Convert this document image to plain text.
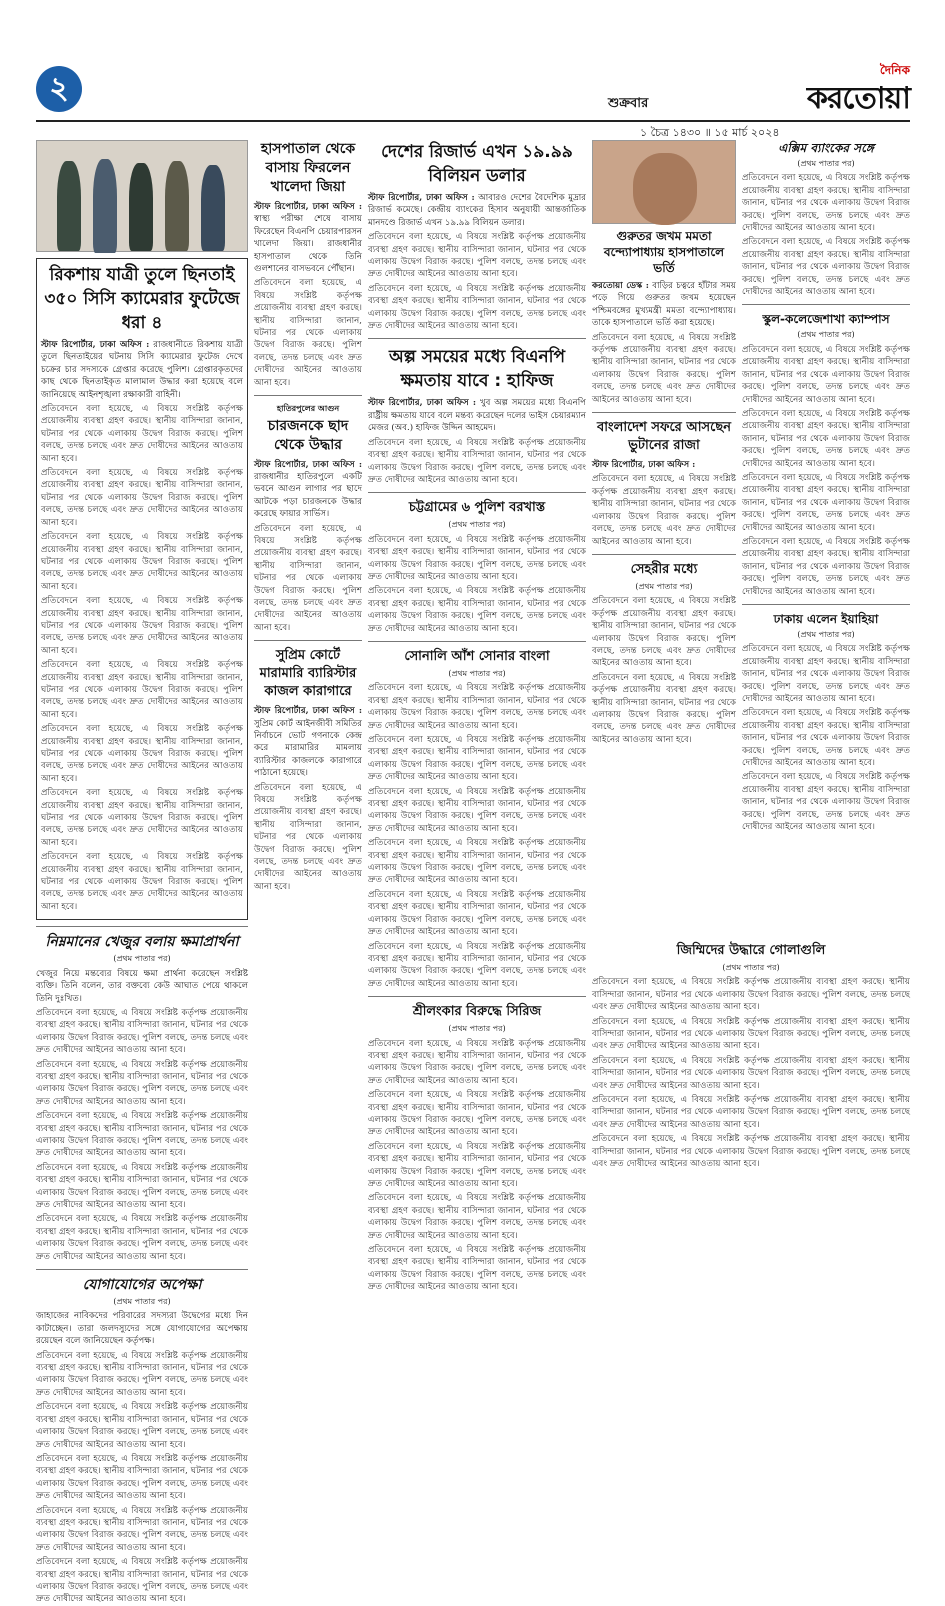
২	শুক্রবার
দৈনিক
করতোয়া
১ চৈত্র ১৪৩০ ॥ ১৫ মার্চ ২০২৪
রিকশায় যাত্রী তুলে ছিনতাই ৩৫০ সিসি ক্যামেরার ফুটেজে ধরা ৪

স্টাফ রিপোর্টার, ঢাকা অফিস : রাজধানীতে রিকশায় যাত্রী তুলে ছিনতাইয়ের ঘটনায় সিসি ক্যামেরার ফুটেজ দেখে চক্রের চার সদস্যকে গ্রেপ্তার করেছে পুলিশ। গ্রেপ্তারকৃতদের কাছ থেকে ছিনতাইকৃত মালামাল উদ্ধার করা হয়েছে বলে জানিয়েছে আইনশৃঙ্খলা রক্ষাকারী বাহিনী।

প্রতিবেদনে বলা হয়েছে, এ বিষয়ে সংশ্লিষ্ট কর্তৃপক্ষ প্রয়োজনীয় ব্যবস্থা গ্রহণ করছে। স্থানীয় বাসিন্দারা জানান, ঘটনার পর থেকে এলাকায় উদ্বেগ বিরাজ করছে। পুলিশ বলছে, তদন্ত চলছে এবং দ্রুত দোষীদের আইনের আওতায় আনা হবে।

প্রতিবেদনে বলা হয়েছে, এ বিষয়ে সংশ্লিষ্ট কর্তৃপক্ষ প্রয়োজনীয় ব্যবস্থা গ্রহণ করছে। স্থানীয় বাসিন্দারা জানান, ঘটনার পর থেকে এলাকায় উদ্বেগ বিরাজ করছে। পুলিশ বলছে, তদন্ত চলছে এবং দ্রুত দোষীদের আইনের আওতায় আনা হবে।

প্রতিবেদনে বলা হয়েছে, এ বিষয়ে সংশ্লিষ্ট কর্তৃপক্ষ প্রয়োজনীয় ব্যবস্থা গ্রহণ করছে। স্থানীয় বাসিন্দারা জানান, ঘটনার পর থেকে এলাকায় উদ্বেগ বিরাজ করছে। পুলিশ বলছে, তদন্ত চলছে এবং দ্রুত দোষীদের আইনের আওতায় আনা হবে।

প্রতিবেদনে বলা হয়েছে, এ বিষয়ে সংশ্লিষ্ট কর্তৃপক্ষ প্রয়োজনীয় ব্যবস্থা গ্রহণ করছে। স্থানীয় বাসিন্দারা জানান, ঘটনার পর থেকে এলাকায় উদ্বেগ বিরাজ করছে। পুলিশ বলছে, তদন্ত চলছে এবং দ্রুত দোষীদের আইনের আওতায় আনা হবে।

প্রতিবেদনে বলা হয়েছে, এ বিষয়ে সংশ্লিষ্ট কর্তৃপক্ষ প্রয়োজনীয় ব্যবস্থা গ্রহণ করছে। স্থানীয় বাসিন্দারা জানান, ঘটনার পর থেকে এলাকায় উদ্বেগ বিরাজ করছে। পুলিশ বলছে, তদন্ত চলছে এবং দ্রুত দোষীদের আইনের আওতায় আনা হবে।

প্রতিবেদনে বলা হয়েছে, এ বিষয়ে সংশ্লিষ্ট কর্তৃপক্ষ প্রয়োজনীয় ব্যবস্থা গ্রহণ করছে। স্থানীয় বাসিন্দারা জানান, ঘটনার পর থেকে এলাকায় উদ্বেগ বিরাজ করছে। পুলিশ বলছে, তদন্ত চলছে এবং দ্রুত দোষীদের আইনের আওতায় আনা হবে।

প্রতিবেদনে বলা হয়েছে, এ বিষয়ে সংশ্লিষ্ট কর্তৃপক্ষ প্রয়োজনীয় ব্যবস্থা গ্রহণ করছে। স্থানীয় বাসিন্দারা জানান, ঘটনার পর থেকে এলাকায় উদ্বেগ বিরাজ করছে। পুলিশ বলছে, তদন্ত চলছে এবং দ্রুত দোষীদের আইনের আওতায় আনা হবে।

প্রতিবেদনে বলা হয়েছে, এ বিষয়ে সংশ্লিষ্ট কর্তৃপক্ষ প্রয়োজনীয় ব্যবস্থা গ্রহণ করছে। স্থানীয় বাসিন্দারা জানান, ঘটনার পর থেকে এলাকায় উদ্বেগ বিরাজ করছে। পুলিশ বলছে, তদন্ত চলছে এবং দ্রুত দোষীদের আইনের আওতায় আনা হবে।

নিম্নমানের খেজুর বলায় ক্ষমাপ্রার্থনা
(প্রথম পাতার পর)

খেজুর নিয়ে মন্তব্যের বিষয়ে ক্ষমা প্রার্থনা করেছেন সংশ্লিষ্ট ব্যক্তি। তিনি বলেন, তার বক্তব্যে কেউ আঘাত পেয়ে থাকলে তিনি দুঃখিত।

প্রতিবেদনে বলা হয়েছে, এ বিষয়ে সংশ্লিষ্ট কর্তৃপক্ষ প্রয়োজনীয় ব্যবস্থা গ্রহণ করছে। স্থানীয় বাসিন্দারা জানান, ঘটনার পর থেকে এলাকায় উদ্বেগ বিরাজ করছে। পুলিশ বলছে, তদন্ত চলছে এবং দ্রুত দোষীদের আইনের আওতায় আনা হবে।

প্রতিবেদনে বলা হয়েছে, এ বিষয়ে সংশ্লিষ্ট কর্তৃপক্ষ প্রয়োজনীয় ব্যবস্থা গ্রহণ করছে। স্থানীয় বাসিন্দারা জানান, ঘটনার পর থেকে এলাকায় উদ্বেগ বিরাজ করছে। পুলিশ বলছে, তদন্ত চলছে এবং দ্রুত দোষীদের আইনের আওতায় আনা হবে।

প্রতিবেদনে বলা হয়েছে, এ বিষয়ে সংশ্লিষ্ট কর্তৃপক্ষ প্রয়োজনীয় ব্যবস্থা গ্রহণ করছে। স্থানীয় বাসিন্দারা জানান, ঘটনার পর থেকে এলাকায় উদ্বেগ বিরাজ করছে। পুলিশ বলছে, তদন্ত চলছে এবং দ্রুত দোষীদের আইনের আওতায় আনা হবে।

প্রতিবেদনে বলা হয়েছে, এ বিষয়ে সংশ্লিষ্ট কর্তৃপক্ষ প্রয়োজনীয় ব্যবস্থা গ্রহণ করছে। স্থানীয় বাসিন্দারা জানান, ঘটনার পর থেকে এলাকায় উদ্বেগ বিরাজ করছে। পুলিশ বলছে, তদন্ত চলছে এবং দ্রুত দোষীদের আইনের আওতায় আনা হবে।

প্রতিবেদনে বলা হয়েছে, এ বিষয়ে সংশ্লিষ্ট কর্তৃপক্ষ প্রয়োজনীয় ব্যবস্থা গ্রহণ করছে। স্থানীয় বাসিন্দারা জানান, ঘটনার পর থেকে এলাকায় উদ্বেগ বিরাজ করছে। পুলিশ বলছে, তদন্ত চলছে এবং দ্রুত দোষীদের আইনের আওতায় আনা হবে।

যোগাযোগের অপেক্ষা
(প্রথম পাতার পর)

জাহাজের নাবিকদের পরিবারের সদস্যরা উদ্বেগের মধ্যে দিন কাটাচ্ছেন। তারা জলদস্যুদের সঙ্গে যোগাযোগের অপেক্ষায় রয়েছেন বলে জানিয়েছেন কর্তৃপক্ষ।

প্রতিবেদনে বলা হয়েছে, এ বিষয়ে সংশ্লিষ্ট কর্তৃপক্ষ প্রয়োজনীয় ব্যবস্থা গ্রহণ করছে। স্থানীয় বাসিন্দারা জানান, ঘটনার পর থেকে এলাকায় উদ্বেগ বিরাজ করছে। পুলিশ বলছে, তদন্ত চলছে এবং দ্রুত দোষীদের আইনের আওতায় আনা হবে।

প্রতিবেদনে বলা হয়েছে, এ বিষয়ে সংশ্লিষ্ট কর্তৃপক্ষ প্রয়োজনীয় ব্যবস্থা গ্রহণ করছে। স্থানীয় বাসিন্দারা জানান, ঘটনার পর থেকে এলাকায় উদ্বেগ বিরাজ করছে। পুলিশ বলছে, তদন্ত চলছে এবং দ্রুত দোষীদের আইনের আওতায় আনা হবে।

প্রতিবেদনে বলা হয়েছে, এ বিষয়ে সংশ্লিষ্ট কর্তৃপক্ষ প্রয়োজনীয় ব্যবস্থা গ্রহণ করছে। স্থানীয় বাসিন্দারা জানান, ঘটনার পর থেকে এলাকায় উদ্বেগ বিরাজ করছে। পুলিশ বলছে, তদন্ত চলছে এবং দ্রুত দোষীদের আইনের আওতায় আনা হবে।

প্রতিবেদনে বলা হয়েছে, এ বিষয়ে সংশ্লিষ্ট কর্তৃপক্ষ প্রয়োজনীয় ব্যবস্থা গ্রহণ করছে। স্থানীয় বাসিন্দারা জানান, ঘটনার পর থেকে এলাকায় উদ্বেগ বিরাজ করছে। পুলিশ বলছে, তদন্ত চলছে এবং দ্রুত দোষীদের আইনের আওতায় আনা হবে।

প্রতিবেদনে বলা হয়েছে, এ বিষয়ে সংশ্লিষ্ট কর্তৃপক্ষ প্রয়োজনীয় ব্যবস্থা গ্রহণ করছে। স্থানীয় বাসিন্দারা জানান, ঘটনার পর থেকে এলাকায় উদ্বেগ বিরাজ করছে। পুলিশ বলছে, তদন্ত চলছে এবং দ্রুত দোষীদের আইনের আওতায় আনা হবে।

হাসপাতাল থেকে বাসায় ফিরলেন খালেদা জিয়া

স্টাফ রিপোর্টার, ঢাকা অফিস : স্বাস্থ্য পরীক্ষা শেষে বাসায় ফিরেছেন বিএনপি চেয়ারপারসন খালেদা জিয়া। রাজধানীর হাসপাতাল থেকে তিনি গুলশানের বাসভবনে পৌঁছান।

প্রতিবেদনে বলা হয়েছে, এ বিষয়ে সংশ্লিষ্ট কর্তৃপক্ষ প্রয়োজনীয় ব্যবস্থা গ্রহণ করছে। স্থানীয় বাসিন্দারা জানান, ঘটনার পর থেকে এলাকায় উদ্বেগ বিরাজ করছে। পুলিশ বলছে, তদন্ত চলছে এবং দ্রুত দোষীদের আইনের আওতায় আনা হবে।

হাতিরপুলের আগুন
চারজনকে ছাদ থেকে উদ্ধার

স্টাফ রিপোর্টার, ঢাকা অফিস : রাজধানীর হাতিরপুলে একটি ভবনে আগুন লাগার পর ছাদে আটকে পড়া চারজনকে উদ্ধার করেছে ফায়ার সার্ভিস।

প্রতিবেদনে বলা হয়েছে, এ বিষয়ে সংশ্লিষ্ট কর্তৃপক্ষ প্রয়োজনীয় ব্যবস্থা গ্রহণ করছে। স্থানীয় বাসিন্দারা জানান, ঘটনার পর থেকে এলাকায় উদ্বেগ বিরাজ করছে। পুলিশ বলছে, তদন্ত চলছে এবং দ্রুত দোষীদের আইনের আওতায় আনা হবে।

সুপ্রিম কোর্টে মারামারি ব্যারিস্টার কাজল কারাগারে

স্টাফ রিপোর্টার, ঢাকা অফিস : সুপ্রিম কোর্ট আইনজীবী সমিতির নির্বাচনে ভোট গণনাকে কেন্দ্র করে মারামারির মামলায় ব্যারিস্টার কাজলকে কারাগারে পাঠানো হয়েছে।

প্রতিবেদনে বলা হয়েছে, এ বিষয়ে সংশ্লিষ্ট কর্তৃপক্ষ প্রয়োজনীয় ব্যবস্থা গ্রহণ করছে। স্থানীয় বাসিন্দারা জানান, ঘটনার পর থেকে এলাকায় উদ্বেগ বিরাজ করছে। পুলিশ বলছে, তদন্ত চলছে এবং দ্রুত দোষীদের আইনের আওতায় আনা হবে।

দেশের রিজার্ভ এখন ১৯.৯৯ বিলিয়ন ডলার

স্টাফ রিপোর্টার, ঢাকা অফিস : আবারও দেশের বৈদেশিক মুদ্রার রিজার্ভ কমেছে। কেন্দ্রীয় ব্যাংকের হিসাব অনুযায়ী আন্তর্জাতিক মানদণ্ডে রিজার্ভ এখন ১৯.৯৯ বিলিয়ন ডলার।

প্রতিবেদনে বলা হয়েছে, এ বিষয়ে সংশ্লিষ্ট কর্তৃপক্ষ প্রয়োজনীয় ব্যবস্থা গ্রহণ করছে। স্থানীয় বাসিন্দারা জানান, ঘটনার পর থেকে এলাকায় উদ্বেগ বিরাজ করছে। পুলিশ বলছে, তদন্ত চলছে এবং দ্রুত দোষীদের আইনের আওতায় আনা হবে।

প্রতিবেদনে বলা হয়েছে, এ বিষয়ে সংশ্লিষ্ট কর্তৃপক্ষ প্রয়োজনীয় ব্যবস্থা গ্রহণ করছে। স্থানীয় বাসিন্দারা জানান, ঘটনার পর থেকে এলাকায় উদ্বেগ বিরাজ করছে। পুলিশ বলছে, তদন্ত চলছে এবং দ্রুত দোষীদের আইনের আওতায় আনা হবে।

অল্প সময়ের মধ্যে বিএনপি ক্ষমতায় যাবে : হাফিজ

স্টাফ রিপোর্টার, ঢাকা অফিস : খুব অল্প সময়ের মধ্যে বিএনপি রাষ্ট্রীয় ক্ষমতায় যাবে বলে মন্তব্য করেছেন দলের ভাইস চেয়ারম্যান মেজর (অব.) হাফিজ উদ্দিন আহমেদ।

প্রতিবেদনে বলা হয়েছে, এ বিষয়ে সংশ্লিষ্ট কর্তৃপক্ষ প্রয়োজনীয় ব্যবস্থা গ্রহণ করছে। স্থানীয় বাসিন্দারা জানান, ঘটনার পর থেকে এলাকায় উদ্বেগ বিরাজ করছে। পুলিশ বলছে, তদন্ত চলছে এবং দ্রুত দোষীদের আইনের আওতায় আনা হবে।

চট্টগ্রামের ৬ পুলিশ বরখাস্ত
(প্রথম পাতার পর)

প্রতিবেদনে বলা হয়েছে, এ বিষয়ে সংশ্লিষ্ট কর্তৃপক্ষ প্রয়োজনীয় ব্যবস্থা গ্রহণ করছে। স্থানীয় বাসিন্দারা জানান, ঘটনার পর থেকে এলাকায় উদ্বেগ বিরাজ করছে। পুলিশ বলছে, তদন্ত চলছে এবং দ্রুত দোষীদের আইনের আওতায় আনা হবে।

প্রতিবেদনে বলা হয়েছে, এ বিষয়ে সংশ্লিষ্ট কর্তৃপক্ষ প্রয়োজনীয় ব্যবস্থা গ্রহণ করছে। স্থানীয় বাসিন্দারা জানান, ঘটনার পর থেকে এলাকায় উদ্বেগ বিরাজ করছে। পুলিশ বলছে, তদন্ত চলছে এবং দ্রুত দোষীদের আইনের আওতায় আনা হবে।

সোনালি আঁশ সোনার বাংলা
(প্রথম পাতার পর)

প্রতিবেদনে বলা হয়েছে, এ বিষয়ে সংশ্লিষ্ট কর্তৃপক্ষ প্রয়োজনীয় ব্যবস্থা গ্রহণ করছে। স্থানীয় বাসিন্দারা জানান, ঘটনার পর থেকে এলাকায় উদ্বেগ বিরাজ করছে। পুলিশ বলছে, তদন্ত চলছে এবং দ্রুত দোষীদের আইনের আওতায় আনা হবে।

প্রতিবেদনে বলা হয়েছে, এ বিষয়ে সংশ্লিষ্ট কর্তৃপক্ষ প্রয়োজনীয় ব্যবস্থা গ্রহণ করছে। স্থানীয় বাসিন্দারা জানান, ঘটনার পর থেকে এলাকায় উদ্বেগ বিরাজ করছে। পুলিশ বলছে, তদন্ত চলছে এবং দ্রুত দোষীদের আইনের আওতায় আনা হবে।

প্রতিবেদনে বলা হয়েছে, এ বিষয়ে সংশ্লিষ্ট কর্তৃপক্ষ প্রয়োজনীয় ব্যবস্থা গ্রহণ করছে। স্থানীয় বাসিন্দারা জানান, ঘটনার পর থেকে এলাকায় উদ্বেগ বিরাজ করছে। পুলিশ বলছে, তদন্ত চলছে এবং দ্রুত দোষীদের আইনের আওতায় আনা হবে।

প্রতিবেদনে বলা হয়েছে, এ বিষয়ে সংশ্লিষ্ট কর্তৃপক্ষ প্রয়োজনীয় ব্যবস্থা গ্রহণ করছে। স্থানীয় বাসিন্দারা জানান, ঘটনার পর থেকে এলাকায় উদ্বেগ বিরাজ করছে। পুলিশ বলছে, তদন্ত চলছে এবং দ্রুত দোষীদের আইনের আওতায় আনা হবে।

প্রতিবেদনে বলা হয়েছে, এ বিষয়ে সংশ্লিষ্ট কর্তৃপক্ষ প্রয়োজনীয় ব্যবস্থা গ্রহণ করছে। স্থানীয় বাসিন্দারা জানান, ঘটনার পর থেকে এলাকায় উদ্বেগ বিরাজ করছে। পুলিশ বলছে, তদন্ত চলছে এবং দ্রুত দোষীদের আইনের আওতায় আনা হবে।

প্রতিবেদনে বলা হয়েছে, এ বিষয়ে সংশ্লিষ্ট কর্তৃপক্ষ প্রয়োজনীয় ব্যবস্থা গ্রহণ করছে। স্থানীয় বাসিন্দারা জানান, ঘটনার পর থেকে এলাকায় উদ্বেগ বিরাজ করছে। পুলিশ বলছে, তদন্ত চলছে এবং দ্রুত দোষীদের আইনের আওতায় আনা হবে।

শ্রীলংকার বিরুদ্ধে সিরিজ
(প্রথম পাতার পর)

প্রতিবেদনে বলা হয়েছে, এ বিষয়ে সংশ্লিষ্ট কর্তৃপক্ষ প্রয়োজনীয় ব্যবস্থা গ্রহণ করছে। স্থানীয় বাসিন্দারা জানান, ঘটনার পর থেকে এলাকায় উদ্বেগ বিরাজ করছে। পুলিশ বলছে, তদন্ত চলছে এবং দ্রুত দোষীদের আইনের আওতায় আনা হবে।

প্রতিবেদনে বলা হয়েছে, এ বিষয়ে সংশ্লিষ্ট কর্তৃপক্ষ প্রয়োজনীয় ব্যবস্থা গ্রহণ করছে। স্থানীয় বাসিন্দারা জানান, ঘটনার পর থেকে এলাকায় উদ্বেগ বিরাজ করছে। পুলিশ বলছে, তদন্ত চলছে এবং দ্রুত দোষীদের আইনের আওতায় আনা হবে।

প্রতিবেদনে বলা হয়েছে, এ বিষয়ে সংশ্লিষ্ট কর্তৃপক্ষ প্রয়োজনীয় ব্যবস্থা গ্রহণ করছে। স্থানীয় বাসিন্দারা জানান, ঘটনার পর থেকে এলাকায় উদ্বেগ বিরাজ করছে। পুলিশ বলছে, তদন্ত চলছে এবং দ্রুত দোষীদের আইনের আওতায় আনা হবে।

প্রতিবেদনে বলা হয়েছে, এ বিষয়ে সংশ্লিষ্ট কর্তৃপক্ষ প্রয়োজনীয় ব্যবস্থা গ্রহণ করছে। স্থানীয় বাসিন্দারা জানান, ঘটনার পর থেকে এলাকায় উদ্বেগ বিরাজ করছে। পুলিশ বলছে, তদন্ত চলছে এবং দ্রুত দোষীদের আইনের আওতায় আনা হবে।

প্রতিবেদনে বলা হয়েছে, এ বিষয়ে সংশ্লিষ্ট কর্তৃপক্ষ প্রয়োজনীয় ব্যবস্থা গ্রহণ করছে। স্থানীয় বাসিন্দারা জানান, ঘটনার পর থেকে এলাকায় উদ্বেগ বিরাজ করছে। পুলিশ বলছে, তদন্ত চলছে এবং দ্রুত দোষীদের আইনের আওতায় আনা হবে।

গুরুতর জখম মমতা বন্দ্যোপাধ্যায় হাসপাতালে ভর্তি

করতোয়া ডেস্ক : বাড়ির চত্বরে হাঁটার সময় পড়ে গিয়ে গুরুতর জখম হয়েছেন পশ্চিমবঙ্গের মুখ্যমন্ত্রী মমতা বন্দ্যোপাধ্যায়। তাকে হাসপাতালে ভর্তি করা হয়েছে।

প্রতিবেদনে বলা হয়েছে, এ বিষয়ে সংশ্লিষ্ট কর্তৃপক্ষ প্রয়োজনীয় ব্যবস্থা গ্রহণ করছে। স্থানীয় বাসিন্দারা জানান, ঘটনার পর থেকে এলাকায় উদ্বেগ বিরাজ করছে। পুলিশ বলছে, তদন্ত চলছে এবং দ্রুত দোষীদের আইনের আওতায় আনা হবে।

বাংলাদেশ সফরে আসছেন ভুটানের রাজা

স্টাফ রিপোর্টার, ঢাকা অফিস :

প্রতিবেদনে বলা হয়েছে, এ বিষয়ে সংশ্লিষ্ট কর্তৃপক্ষ প্রয়োজনীয় ব্যবস্থা গ্রহণ করছে। স্থানীয় বাসিন্দারা জানান, ঘটনার পর থেকে এলাকায় উদ্বেগ বিরাজ করছে। পুলিশ বলছে, তদন্ত চলছে এবং দ্রুত দোষীদের আইনের আওতায় আনা হবে।

সেহরীর মধ্যে
(প্রথম পাতার পর)

প্রতিবেদনে বলা হয়েছে, এ বিষয়ে সংশ্লিষ্ট কর্তৃপক্ষ প্রয়োজনীয় ব্যবস্থা গ্রহণ করছে। স্থানীয় বাসিন্দারা জানান, ঘটনার পর থেকে এলাকায় উদ্বেগ বিরাজ করছে। পুলিশ বলছে, তদন্ত চলছে এবং দ্রুত দোষীদের আইনের আওতায় আনা হবে।

প্রতিবেদনে বলা হয়েছে, এ বিষয়ে সংশ্লিষ্ট কর্তৃপক্ষ প্রয়োজনীয় ব্যবস্থা গ্রহণ করছে। স্থানীয় বাসিন্দারা জানান, ঘটনার পর থেকে এলাকায় উদ্বেগ বিরাজ করছে। পুলিশ বলছে, তদন্ত চলছে এবং দ্রুত দোষীদের আইনের আওতায় আনা হবে।

জিম্মিদের উদ্ধারে গোলাগুলি
(প্রথম পাতার পর)

প্রতিবেদনে বলা হয়েছে, এ বিষয়ে সংশ্লিষ্ট কর্তৃপক্ষ প্রয়োজনীয় ব্যবস্থা গ্রহণ করছে। স্থানীয় বাসিন্দারা জানান, ঘটনার পর থেকে এলাকায় উদ্বেগ বিরাজ করছে। পুলিশ বলছে, তদন্ত চলছে এবং দ্রুত দোষীদের আইনের আওতায় আনা হবে।

প্রতিবেদনে বলা হয়েছে, এ বিষয়ে সংশ্লিষ্ট কর্তৃপক্ষ প্রয়োজনীয় ব্যবস্থা গ্রহণ করছে। স্থানীয় বাসিন্দারা জানান, ঘটনার পর থেকে এলাকায় উদ্বেগ বিরাজ করছে। পুলিশ বলছে, তদন্ত চলছে এবং দ্রুত দোষীদের আইনের আওতায় আনা হবে।

প্রতিবেদনে বলা হয়েছে, এ বিষয়ে সংশ্লিষ্ট কর্তৃপক্ষ প্রয়োজনীয় ব্যবস্থা গ্রহণ করছে। স্থানীয় বাসিন্দারা জানান, ঘটনার পর থেকে এলাকায় উদ্বেগ বিরাজ করছে। পুলিশ বলছে, তদন্ত চলছে এবং দ্রুত দোষীদের আইনের আওতায় আনা হবে।

প্রতিবেদনে বলা হয়েছে, এ বিষয়ে সংশ্লিষ্ট কর্তৃপক্ষ প্রয়োজনীয় ব্যবস্থা গ্রহণ করছে। স্থানীয় বাসিন্দারা জানান, ঘটনার পর থেকে এলাকায় উদ্বেগ বিরাজ করছে। পুলিশ বলছে, তদন্ত চলছে এবং দ্রুত দোষীদের আইনের আওতায় আনা হবে।

প্রতিবেদনে বলা হয়েছে, এ বিষয়ে সংশ্লিষ্ট কর্তৃপক্ষ প্রয়োজনীয় ব্যবস্থা গ্রহণ করছে। স্থানীয় বাসিন্দারা জানান, ঘটনার পর থেকে এলাকায় উদ্বেগ বিরাজ করছে। পুলিশ বলছে, তদন্ত চলছে এবং দ্রুত দোষীদের আইনের আওতায় আনা হবে।

এক্সিম ব্যাংকের সঙ্গে
(প্রথম পাতার পর)

প্রতিবেদনে বলা হয়েছে, এ বিষয়ে সংশ্লিষ্ট কর্তৃপক্ষ প্রয়োজনীয় ব্যবস্থা গ্রহণ করছে। স্থানীয় বাসিন্দারা জানান, ঘটনার পর থেকে এলাকায় উদ্বেগ বিরাজ করছে। পুলিশ বলছে, তদন্ত চলছে এবং দ্রুত দোষীদের আইনের আওতায় আনা হবে।

প্রতিবেদনে বলা হয়েছে, এ বিষয়ে সংশ্লিষ্ট কর্তৃপক্ষ প্রয়োজনীয় ব্যবস্থা গ্রহণ করছে। স্থানীয় বাসিন্দারা জানান, ঘটনার পর থেকে এলাকায় উদ্বেগ বিরাজ করছে। পুলিশ বলছে, তদন্ত চলছে এবং দ্রুত দোষীদের আইনের আওতায় আনা হবে।

স্কুল-কলেজেশাখা ক্যাম্পাস
(প্রথম পাতার পর)

প্রতিবেদনে বলা হয়েছে, এ বিষয়ে সংশ্লিষ্ট কর্তৃপক্ষ প্রয়োজনীয় ব্যবস্থা গ্রহণ করছে। স্থানীয় বাসিন্দারা জানান, ঘটনার পর থেকে এলাকায় উদ্বেগ বিরাজ করছে। পুলিশ বলছে, তদন্ত চলছে এবং দ্রুত দোষীদের আইনের আওতায় আনা হবে।

প্রতিবেদনে বলা হয়েছে, এ বিষয়ে সংশ্লিষ্ট কর্তৃপক্ষ প্রয়োজনীয় ব্যবস্থা গ্রহণ করছে। স্থানীয় বাসিন্দারা জানান, ঘটনার পর থেকে এলাকায় উদ্বেগ বিরাজ করছে। পুলিশ বলছে, তদন্ত চলছে এবং দ্রুত দোষীদের আইনের আওতায় আনা হবে।

প্রতিবেদনে বলা হয়েছে, এ বিষয়ে সংশ্লিষ্ট কর্তৃপক্ষ প্রয়োজনীয় ব্যবস্থা গ্রহণ করছে। স্থানীয় বাসিন্দারা জানান, ঘটনার পর থেকে এলাকায় উদ্বেগ বিরাজ করছে। পুলিশ বলছে, তদন্ত চলছে এবং দ্রুত দোষীদের আইনের আওতায় আনা হবে।

প্রতিবেদনে বলা হয়েছে, এ বিষয়ে সংশ্লিষ্ট কর্তৃপক্ষ প্রয়োজনীয় ব্যবস্থা গ্রহণ করছে। স্থানীয় বাসিন্দারা জানান, ঘটনার পর থেকে এলাকায় উদ্বেগ বিরাজ করছে। পুলিশ বলছে, তদন্ত চলছে এবং দ্রুত দোষীদের আইনের আওতায় আনা হবে।

ঢাকায় এলেন ইয়াহিয়া
(প্রথম পাতার পর)

প্রতিবেদনে বলা হয়েছে, এ বিষয়ে সংশ্লিষ্ট কর্তৃপক্ষ প্রয়োজনীয় ব্যবস্থা গ্রহণ করছে। স্থানীয় বাসিন্দারা জানান, ঘটনার পর থেকে এলাকায় উদ্বেগ বিরাজ করছে। পুলিশ বলছে, তদন্ত চলছে এবং দ্রুত দোষীদের আইনের আওতায় আনা হবে।

প্রতিবেদনে বলা হয়েছে, এ বিষয়ে সংশ্লিষ্ট কর্তৃপক্ষ প্রয়োজনীয় ব্যবস্থা গ্রহণ করছে। স্থানীয় বাসিন্দারা জানান, ঘটনার পর থেকে এলাকায় উদ্বেগ বিরাজ করছে। পুলিশ বলছে, তদন্ত চলছে এবং দ্রুত দোষীদের আইনের আওতায় আনা হবে।

প্রতিবেদনে বলা হয়েছে, এ বিষয়ে সংশ্লিষ্ট কর্তৃপক্ষ প্রয়োজনীয় ব্যবস্থা গ্রহণ করছে। স্থানীয় বাসিন্দারা জানান, ঘটনার পর থেকে এলাকায় উদ্বেগ বিরাজ করছে। পুলিশ বলছে, তদন্ত চলছে এবং দ্রুত দোষীদের আইনের আওতায় আনা হবে।
